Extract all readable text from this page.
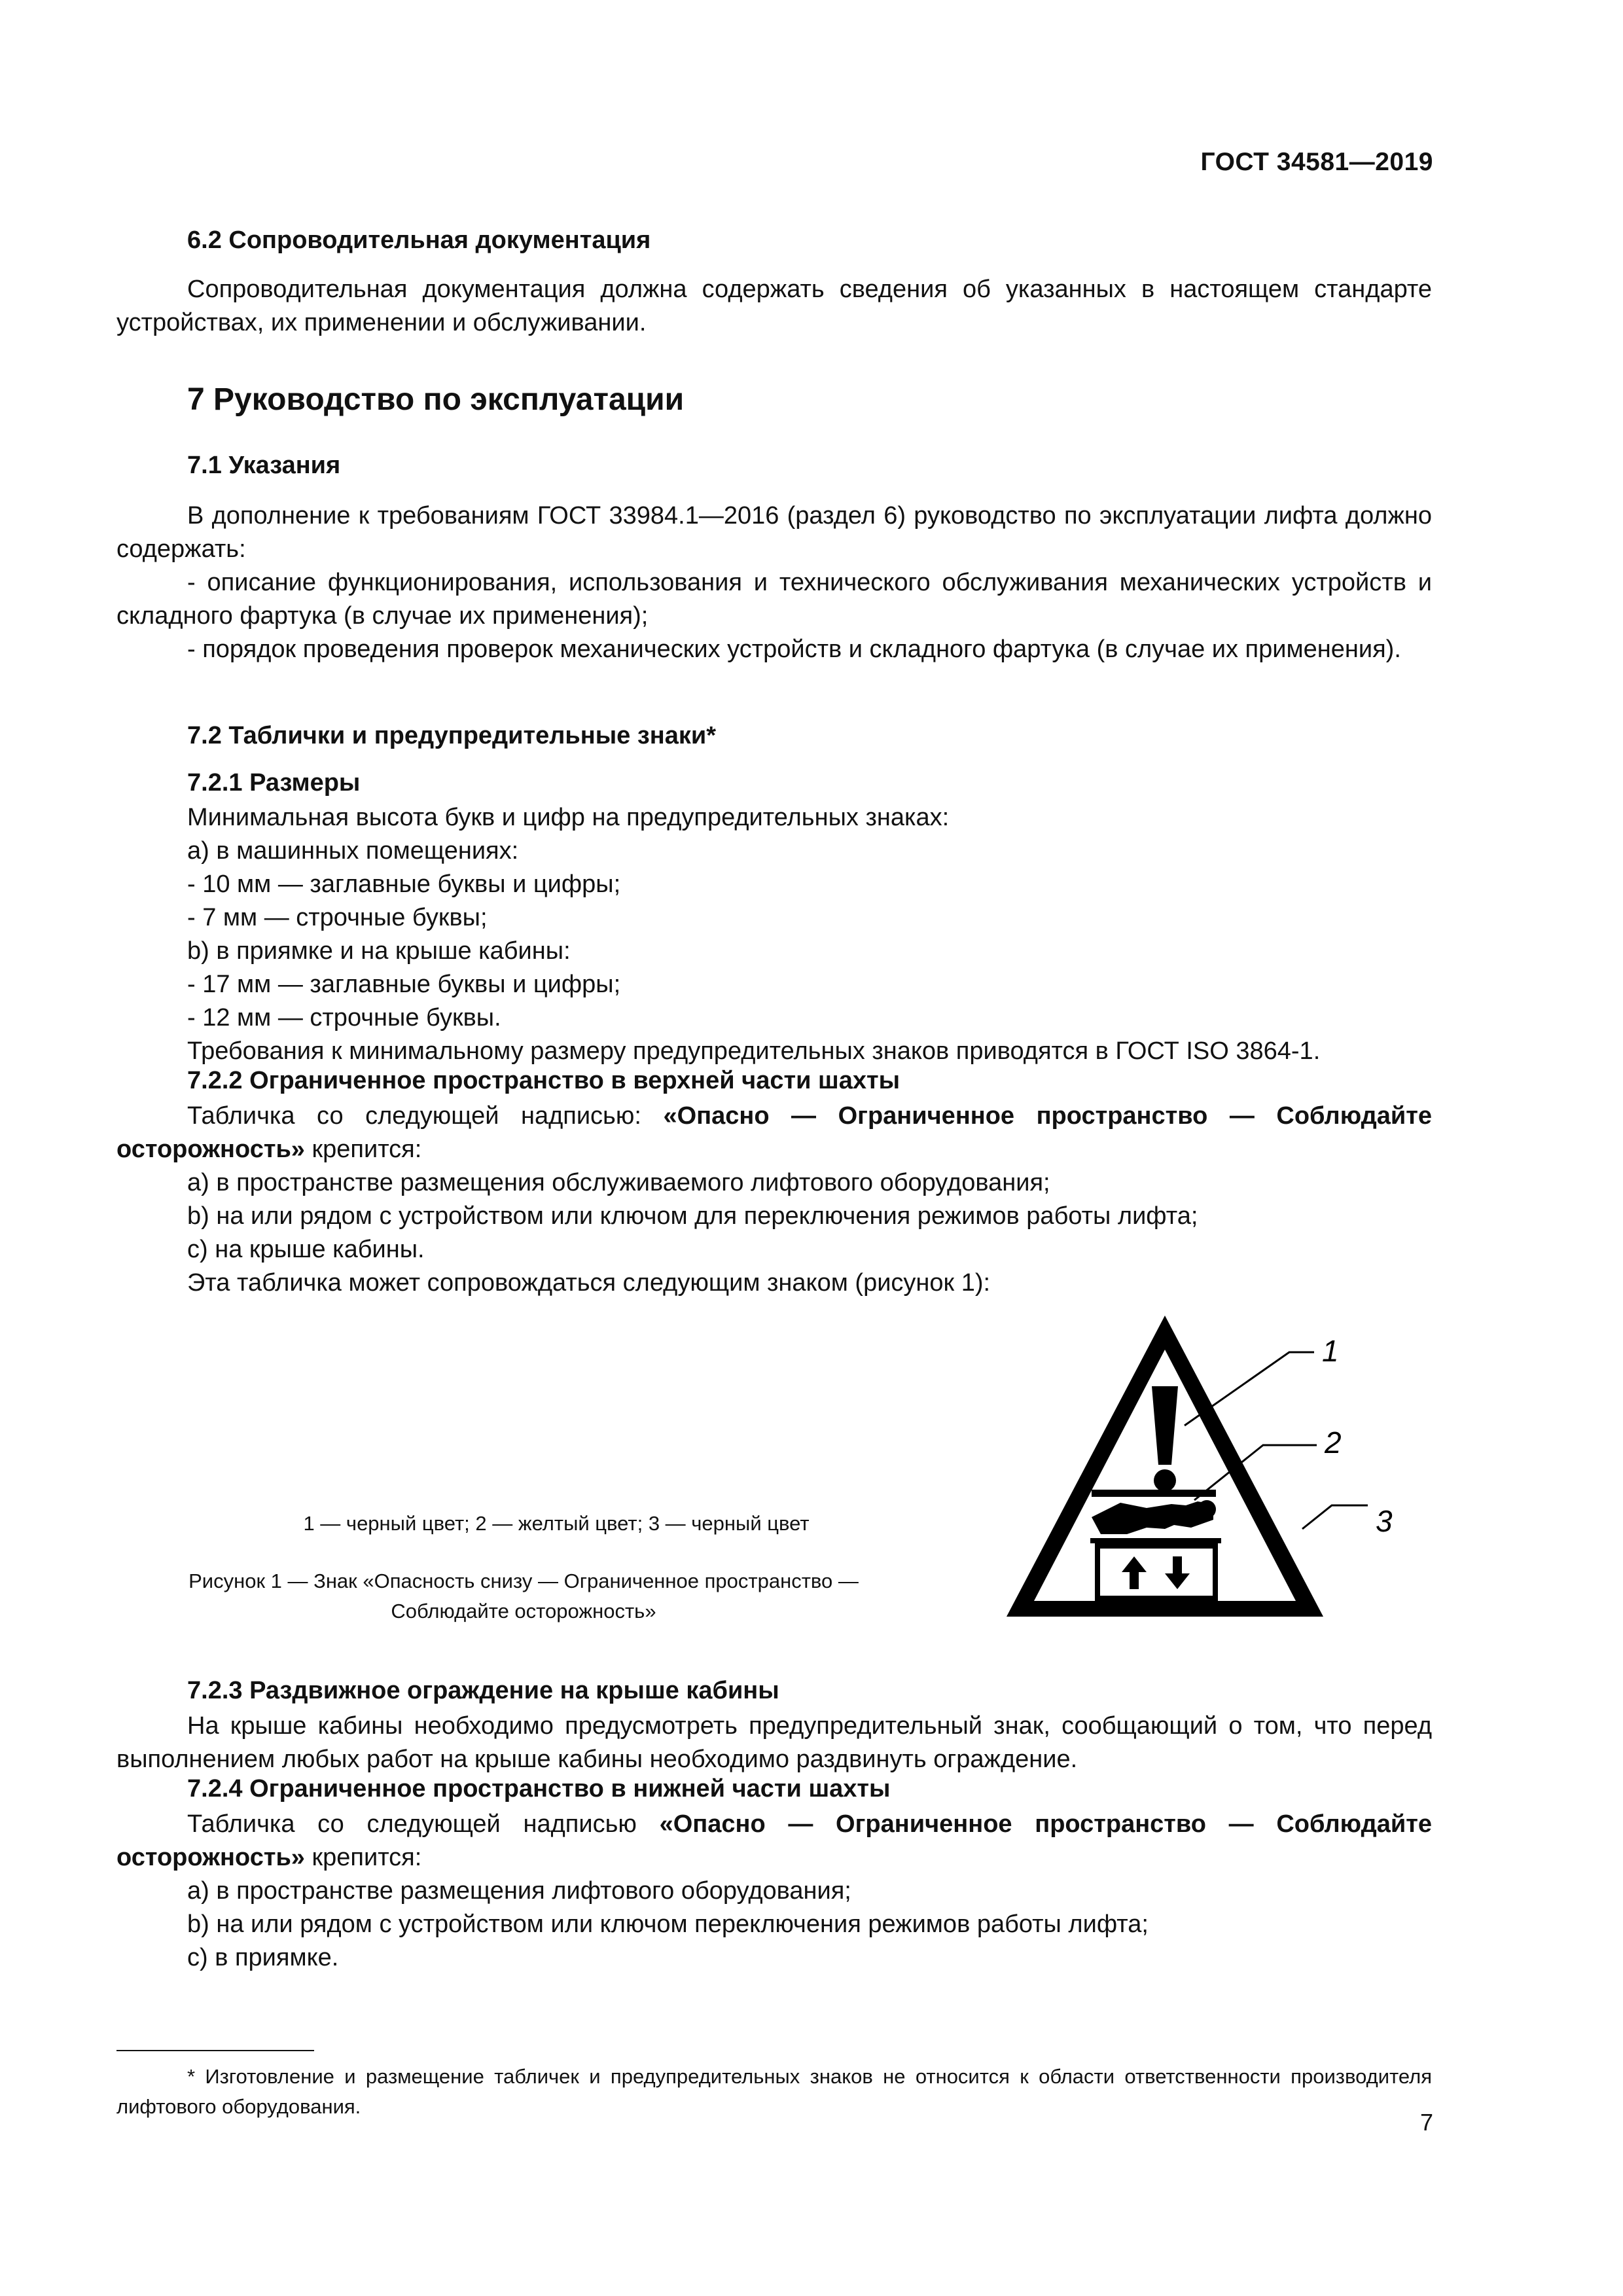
ГОСТ 34581—2019
6.2 Сопроводительная документация
Сопроводительная документация должна содержать сведения об указанных в настоящем стандарте устройствах, их применении и обслуживании.
7 Руководство по эксплуатации
7.1 Указания
В дополнение к требованиям ГОСТ 33984.1—2016 (раздел 6) руководство по эксплуатации лифта должно содержать:
- описание функционирования, использования и технического обслуживания механических устройств и складного фартука (в случае их применения);
- порядок проведения проверок механических устройств и складного фартука (в случае их применения).
7.2 Таблички и предупредительные знаки*
7.2.1 Размеры
Минимальная высота букв и цифр на предупредительных знаках:
a) в машинных помещениях:
- 10 мм — заглавные буквы и цифры;
- 7 мм — строчные буквы;
b) в приямке и на крыше кабины:
- 17 мм — заглавные буквы и цифры;
- 12 мм — строчные буквы.
Требования к минимальному размеру предупредительных знаков приводятся в ГОСТ ISO 3864-1.
7.2.2 Ограниченное пространство в верхней части шахты
Табличка со следующей надписью: «Опасно — Ограниченное пространство — Соблюдайте осторожность» крепится:
a) в пространстве размещения обслуживаемого лифтового оборудования;
b) на или рядом с устройством или ключом для переключения режимов работы лифта;
c) на крыше кабины.
Эта табличка может сопровождаться следующим знаком (рисунок 1):
1 — черный цвет; 2 — желтый цвет; 3 — черный цвет
Рисунок 1 — Знак «Опасность снизу — Ограниченное пространство —
Соблюдайте осторожность»
1
2
3
7.2.3 Раздвижное ограждение на крыше кабины
На крыше кабины необходимо предусмотреть предупредительный знак, сообщающий о том, что перед выполнением любых работ на крыше кабины необходимо раздвинуть ограждение.
7.2.4 Ограниченное пространство в нижней части шахты
Табличка со следующей надписью «Опасно — Ограниченное пространство — Соблюдайте осторожность» крепится:
a) в пространстве размещения лифтового оборудования;
b) на или рядом с устройством или ключом переключения режимов работы лифта;
c) в приямке.
* Изготовление и размещение табличек и предупредительных знаков не относится к области ответственности производителя лифтового оборудования.
7
